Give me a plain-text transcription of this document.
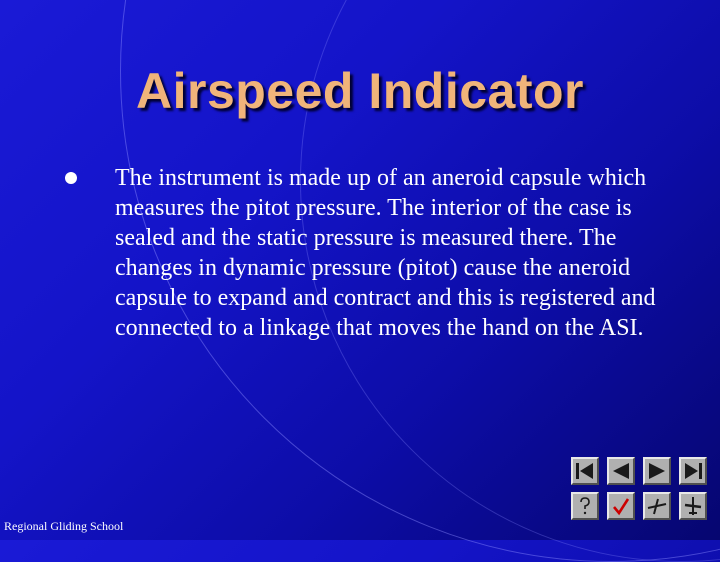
Airspeed Indicator
The instrument is made up of an aneroid capsule which measures the pitot pressure. The interior of the case is sealed and the static pressure is measured there. The changes in dynamic pressure (pitot) cause the aneroid capsule to expand and contract and this is registered and connected to a linkage that moves the hand on the ASI.
Regional Gliding School
